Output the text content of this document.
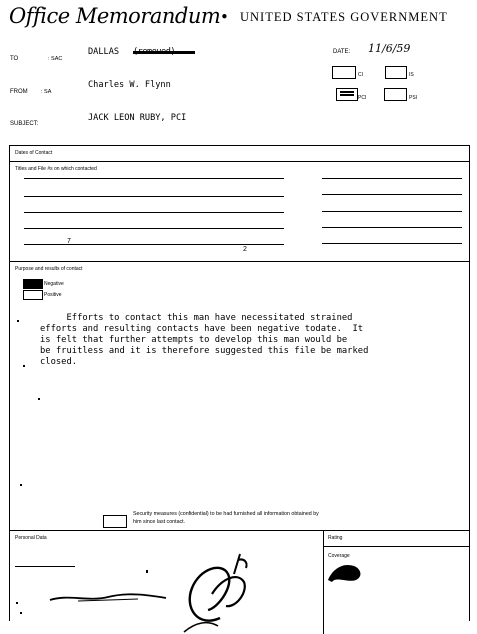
Office Memorandum • UNITED STATES GOVERNMENT
TO	: SAC
DALLAS	DATE: 11/6/59
CI	IS
PCI	PSI
FROM : SA
Charles W. Flynn
SUBJECT:
JACK LEON RUBY, PCI
Dates of Contact
Titles and File #s on which contacted
7
2
Purpose and results of contact
Negative
Positive
Efforts to contact this man have necessitated strained
efforts and resulting contacts have been negative todate.  It
is felt that further attempts to develop this man would be
be fruitless and it is therefore suggested this file be marked
closed.
Security measures (confidential) to be had furnished all information obtained by
him since last contact.
Personal Data	Rating
Coverage
